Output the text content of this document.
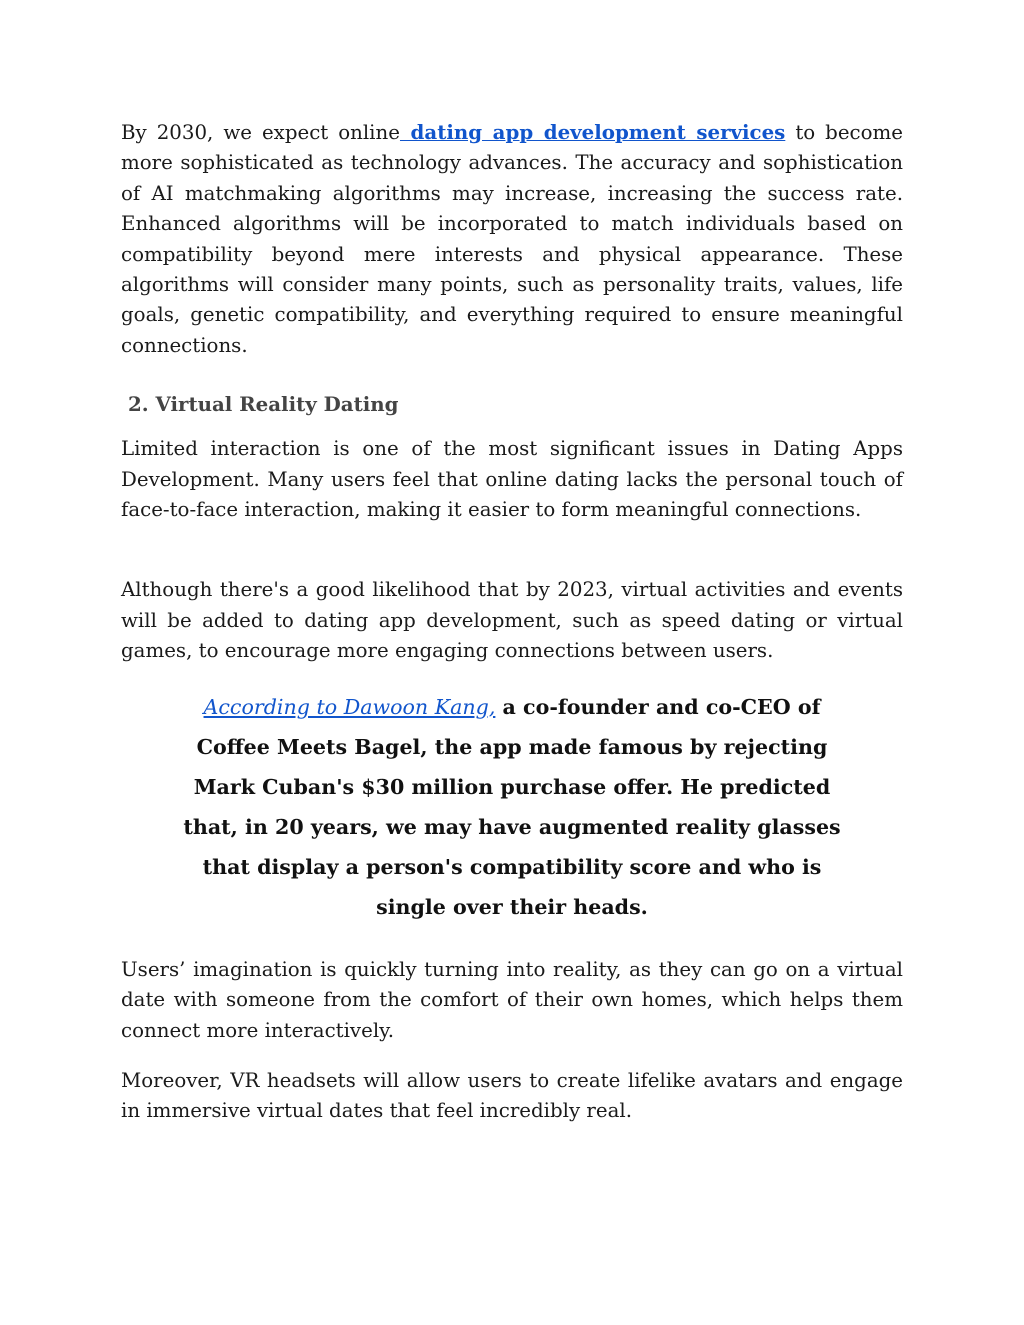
By 2030, we expect online dating app development services to become more sophisticated as technology advances. The accuracy and sophistication of AI matchmaking algorithms may increase, increasing the success rate. Enhanced algorithms will be incorporated to match individuals based on compatibility beyond mere interests and physical appearance. These algorithms will consider many points, such as personality traits, values, life goals, genetic compatibility, and everything required to ensure meaningful connections.

2. Virtual Reality Dating

Limited interaction is one of the most significant issues in Dating Apps Development. Many users feel that online dating lacks the personal touch of face-to-face interaction, making it easier to form meaningful connections.

Although there's a good likelihood that by 2023, virtual activities and events will be added to dating app development, such as speed dating or virtual games, to encourage more engaging connections between users.

According to Dawoon Kang, a co-founder and co-CEO of Coffee Meets Bagel, the app made famous by rejecting Mark Cuban's $30 million purchase offer. He predicted that, in 20 years, we may have augmented reality glasses that display a person's compatibility score and who is single over their heads.

Users’ imagination is quickly turning into reality, as they can go on a virtual date with someone from the comfort of their own homes, which helps them connect more interactively.

Moreover, VR headsets will allow users to create lifelike avatars and engage in immersive virtual dates that feel incredibly real.
